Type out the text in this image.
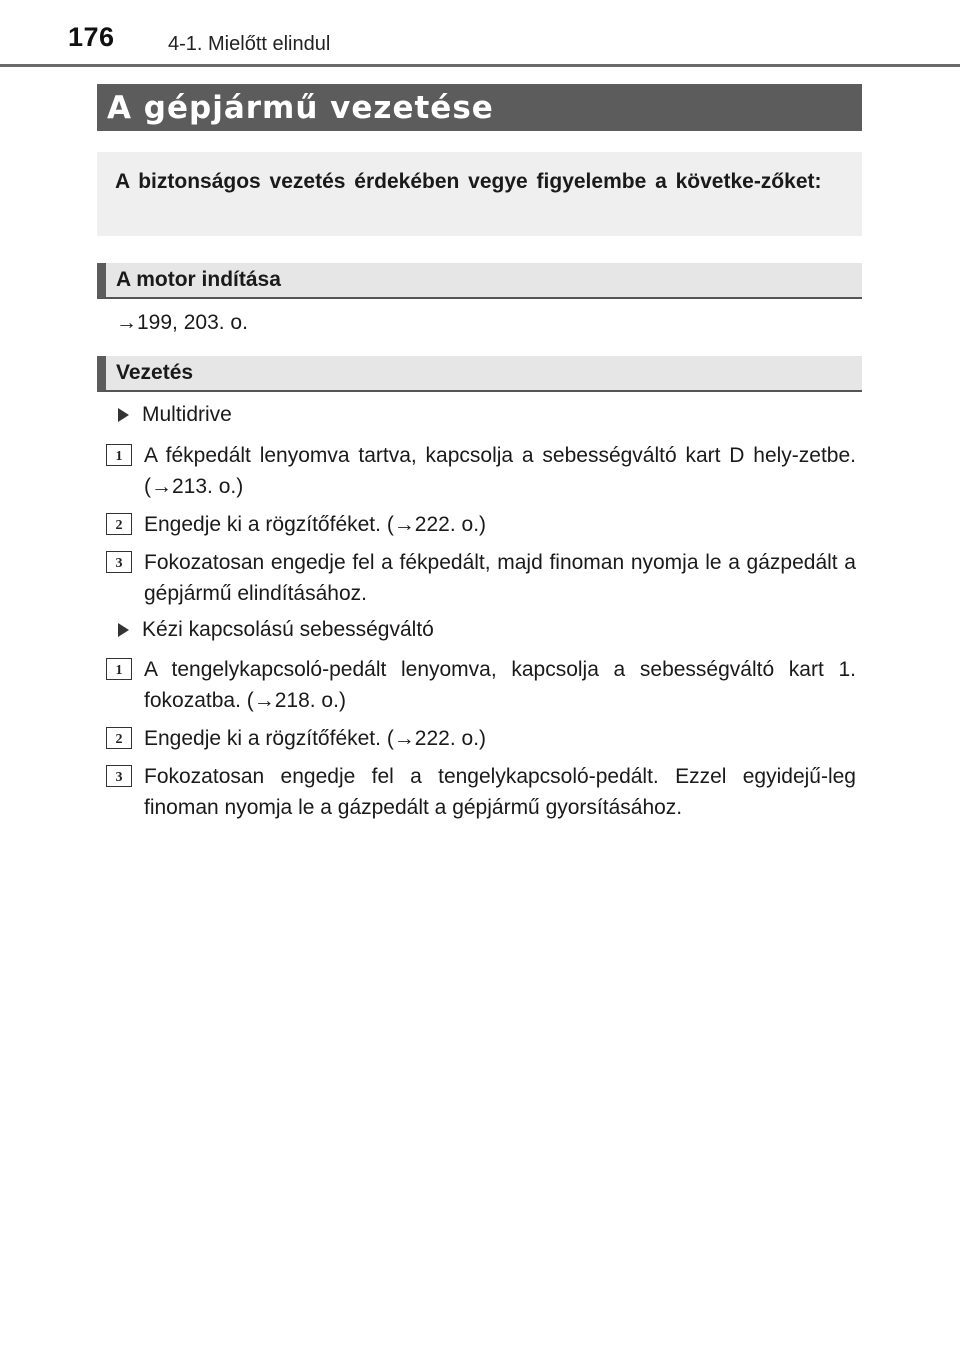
176	4-1. Mielőtt elindul
A gépjármű vezetése
A biztonságos vezetés érdekében vegye figyelembe a követke-zőket:
A motor indítása
→199, 203. o.
Vezetés
Multidrive
1	A fékpedált lenyomva tartva, kapcsolja a sebességváltó kart D hely-zetbe. (→213. o.)
2	Engedje ki a rögzítőféket. (→222. o.)
3	Fokozatosan engedje fel a fékpedált, majd finoman nyomja le a gázpedált a gépjármű elindításához.
Kézi kapcsolású sebességváltó
1	A tengelykapcsoló-pedált lenyomva, kapcsolja a sebességváltó kart 1. fokozatba. (→218. o.)
2	Engedje ki a rögzítőféket. (→222. o.)
3	Fokozatosan engedje fel a tengelykapcsoló-pedált. Ezzel egyidejű-leg finoman nyomja le a gázpedált a gépjármű gyorsításához.
